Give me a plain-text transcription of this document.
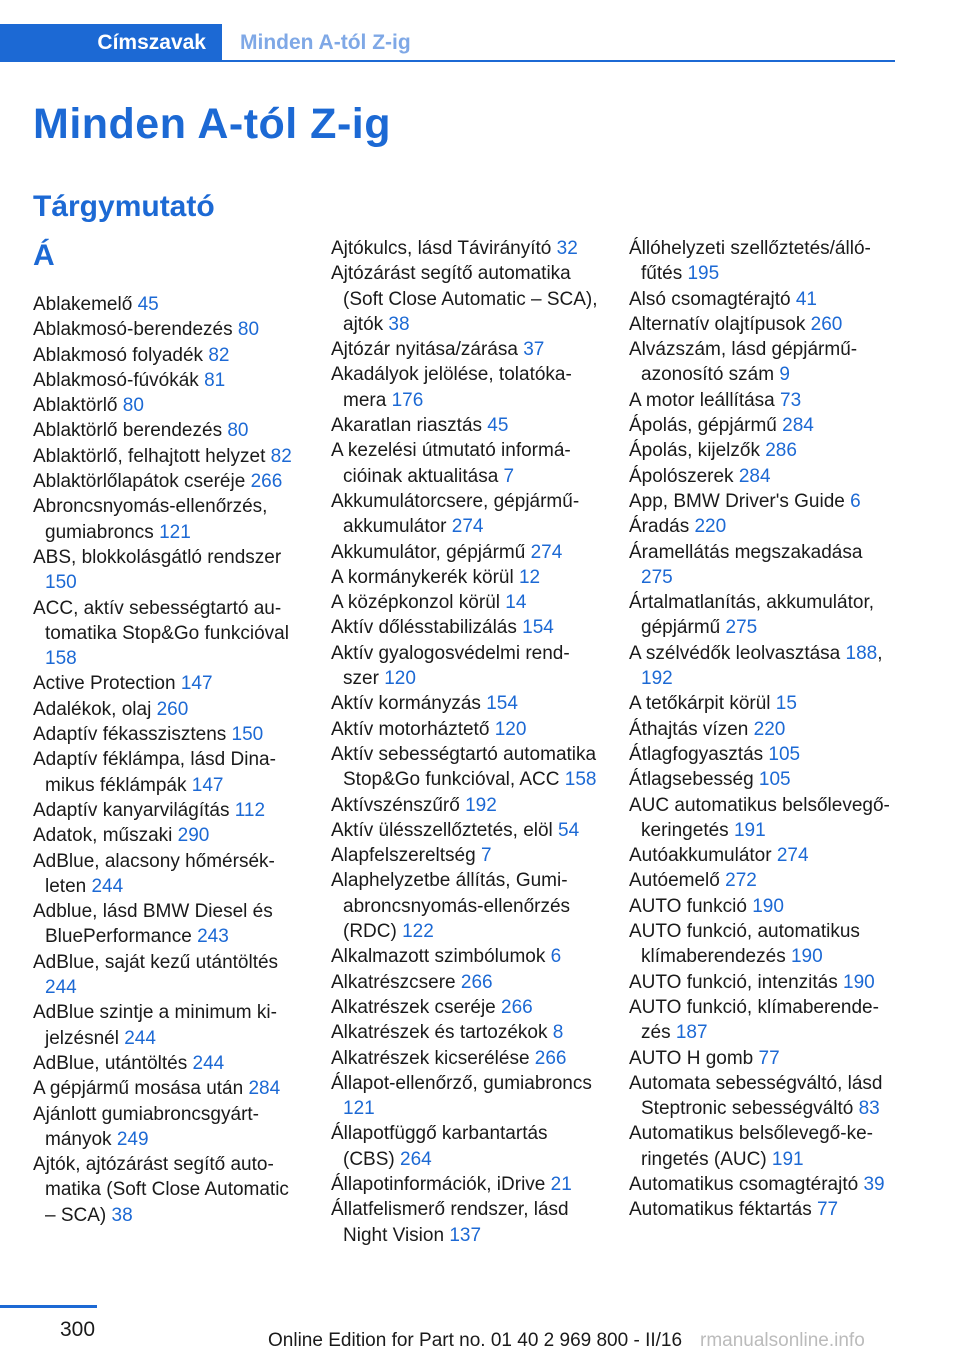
Címszavak	Minden A-tól Z-ig
Minden A-tól Z-ig
Tárgymutató
Á
Ablakemelő 45
Ablakmosó-berendezés 80
Ablakmosó folyadék 82
Ablakmosó-fúvókák 81
Ablaktörlő 80
Ablaktörlő berendezés 80
Ablaktörlő, felhajtott helyzet 82
Ablaktörlőlapátok cseréje 266
Abroncsnyomás-ellenőrzés, gumiabroncs 121
ABS, blokkolásgátló rendszer 150
ACC, aktív sebességtartó automatika Stop&Go funkcióval 158
Active Protection 147
Adalékok, olaj 260
Adaptív fékasszisztens 150
Adaptív féklámpa, lásd Dinamikus féklámpák 147
Adaptív kanyarvilágítás 112
Adatok, műszaki 290
AdBlue, alacsony hőmérsékleten 244
Adblue, lásd BMW Diesel és BluePerformance 243
AdBlue, saját kezű utántöltés 244
AdBlue szintje a minimum kijelzésnél 244
AdBlue, utántöltés 244
A gépjármű mosása után 284
Ajánlott gumiabroncsgyártmányok 249
Ajtók, ajtózárást segítő automatika (Soft Close Automatic – SCA) 38
Ajtókulcs, lásd Távirányító 32
Ajtózárást segítő automatika (Soft Close Automatic – SCA), ajtók 38
Ajtózár nyitása/zárása 37
Akadályok jelölése, tolatókamera 176
Akaratlan riasztás 45
A kezelési útmutató információinak aktualitása 7
Akkumulátorcsere, gépjárműakkumulátor 274
Akkumulátor, gépjármű 274
A kormánykerék körül 12
A középkonzol körül 14
Aktív dőlésstabilizálás 154
Aktív gyalogosvédelmi rendszer 120
Aktív kormányzás 154
Aktív motorháztető 120
Aktív sebességtartó automatika Stop&Go funkcióval, ACC 158
Aktívszénszűrő 192
Aktív ülésszellőztetés, elöl 54
Alapfelszereltség 7
Alaphelyzetbe állítás, Gumiabroncsnyomás-ellenőrzés (RDC) 122
Alkalmazott szimbólumok 6
Alkatrészcsere 266
Alkatrészek cseréje 266
Alkatrészek és tartozékok 8
Alkatrészek kicserélése 266
Állapot-ellenőrző, gumiabroncs 121
Állapotfüggő karbantartás (CBS) 264
Állapotinformációk, iDrive 21
Állatfelismerő rendszer, lásd Night Vision 137
Állóhelyzeti szellőztetés/állófűtés 195
Alsó csomagtérajtó 41
Alternatív olajtípusok 260
Alvázszám, lásd gépjárműazonosító szám 9
A motor leállítása 73
Ápolás, gépjármű 284
Ápolás, kijelzők 286
Ápolószerek 284
App, BMW Driver's Guide 6
Áradás 220
Áramellátás megszakadása 275
Ártalmatlanítás, akkumulátor, gépjármű 275
A szélvédők leolvasztása 188, 192
A tetőkárpit körül 15
Áthajtás vízen 220
Átlagfogyasztás 105
Átlagsebesség 105
AUC automatikus belsőlevegő-keringetés 191
Autóakkumulátor 274
Autóemelő 272
AUTO funkció 190
AUTO funkció, automatikus klímaberendezés 190
AUTO funkció, intenzitás 190
AUTO funkció, klímaberendezés 187
AUTO H gomb 77
Automata sebességváltó, lásd Steptronic sebességváltó 83
Automatikus belsőlevegő-keringetés (AUC) 191
Automatikus csomagtérajtó 39
Automatikus féktartás 77
300	Online Edition for Part no. 01 40 2 969 800 - II/16 rmanualsonline.info
